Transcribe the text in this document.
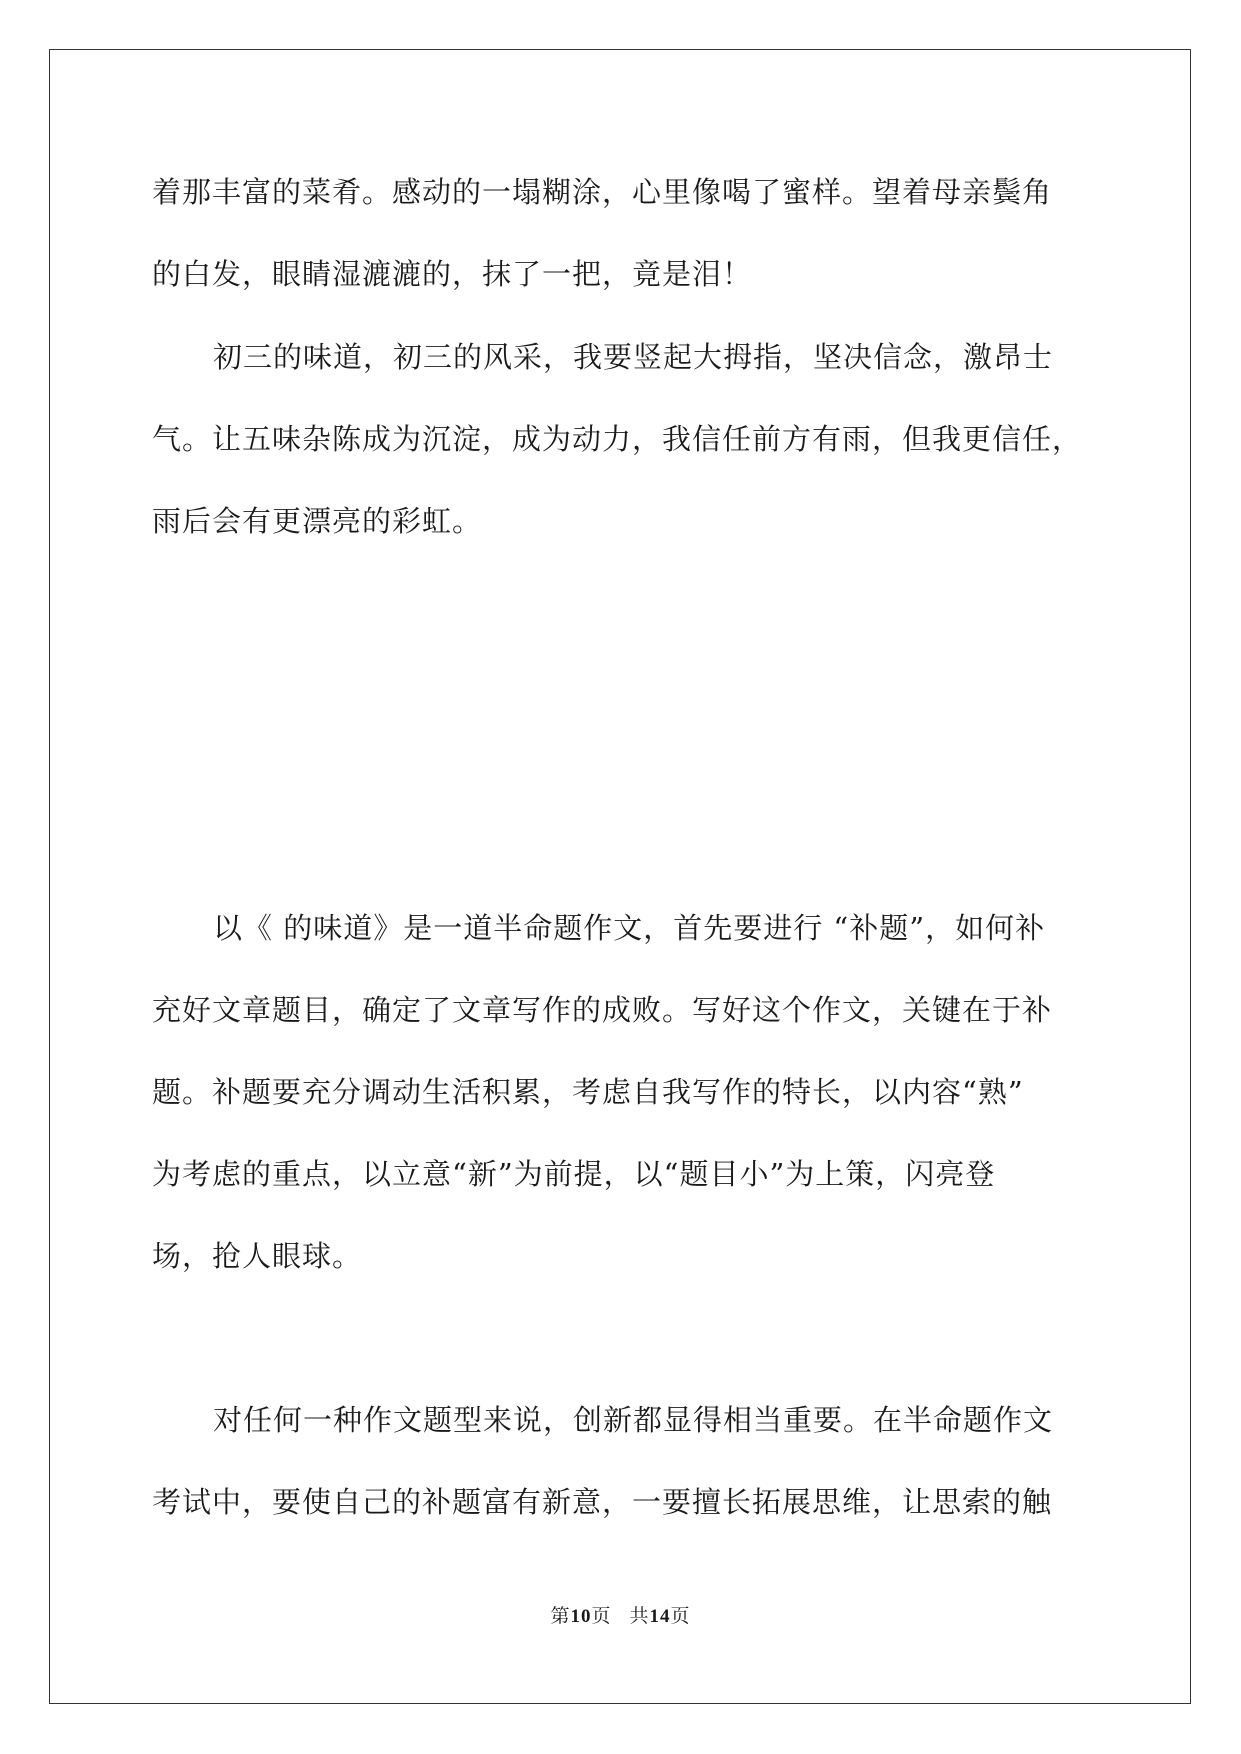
着那丰富的菜肴。感动的一塌糊涂，心里像喝了蜜样。望着母亲鬓角
的白发，眼睛湿漉漉的，抹了一把，竟是泪！
初三的味道，初三的风采，我要竖起大拇指，坚决信念，激昂士
气。让五味杂陈成为沉淀，成为动力，我信任前方有雨，但我更信任，
雨后会有更漂亮的彩虹。
以《 的味道》是一道半命题作文，首先要进行 “补题”，如何补
充好文章题目，确定了文章写作的成败。写好这个作文，关键在于补
题。补题要充分调动生活积累，考虑自我写作的特长，以内容“熟”
为考虑的重点，以立意“新”为前提，以“题目小”为上策，闪亮登
场，抢人眼球。
对任何一种作文题型来说，创新都显得相当重要。在半命题作文
考试中，要使自己的补题富有新意，一要擅长拓展思维，让思索的触
第10页 共14页
